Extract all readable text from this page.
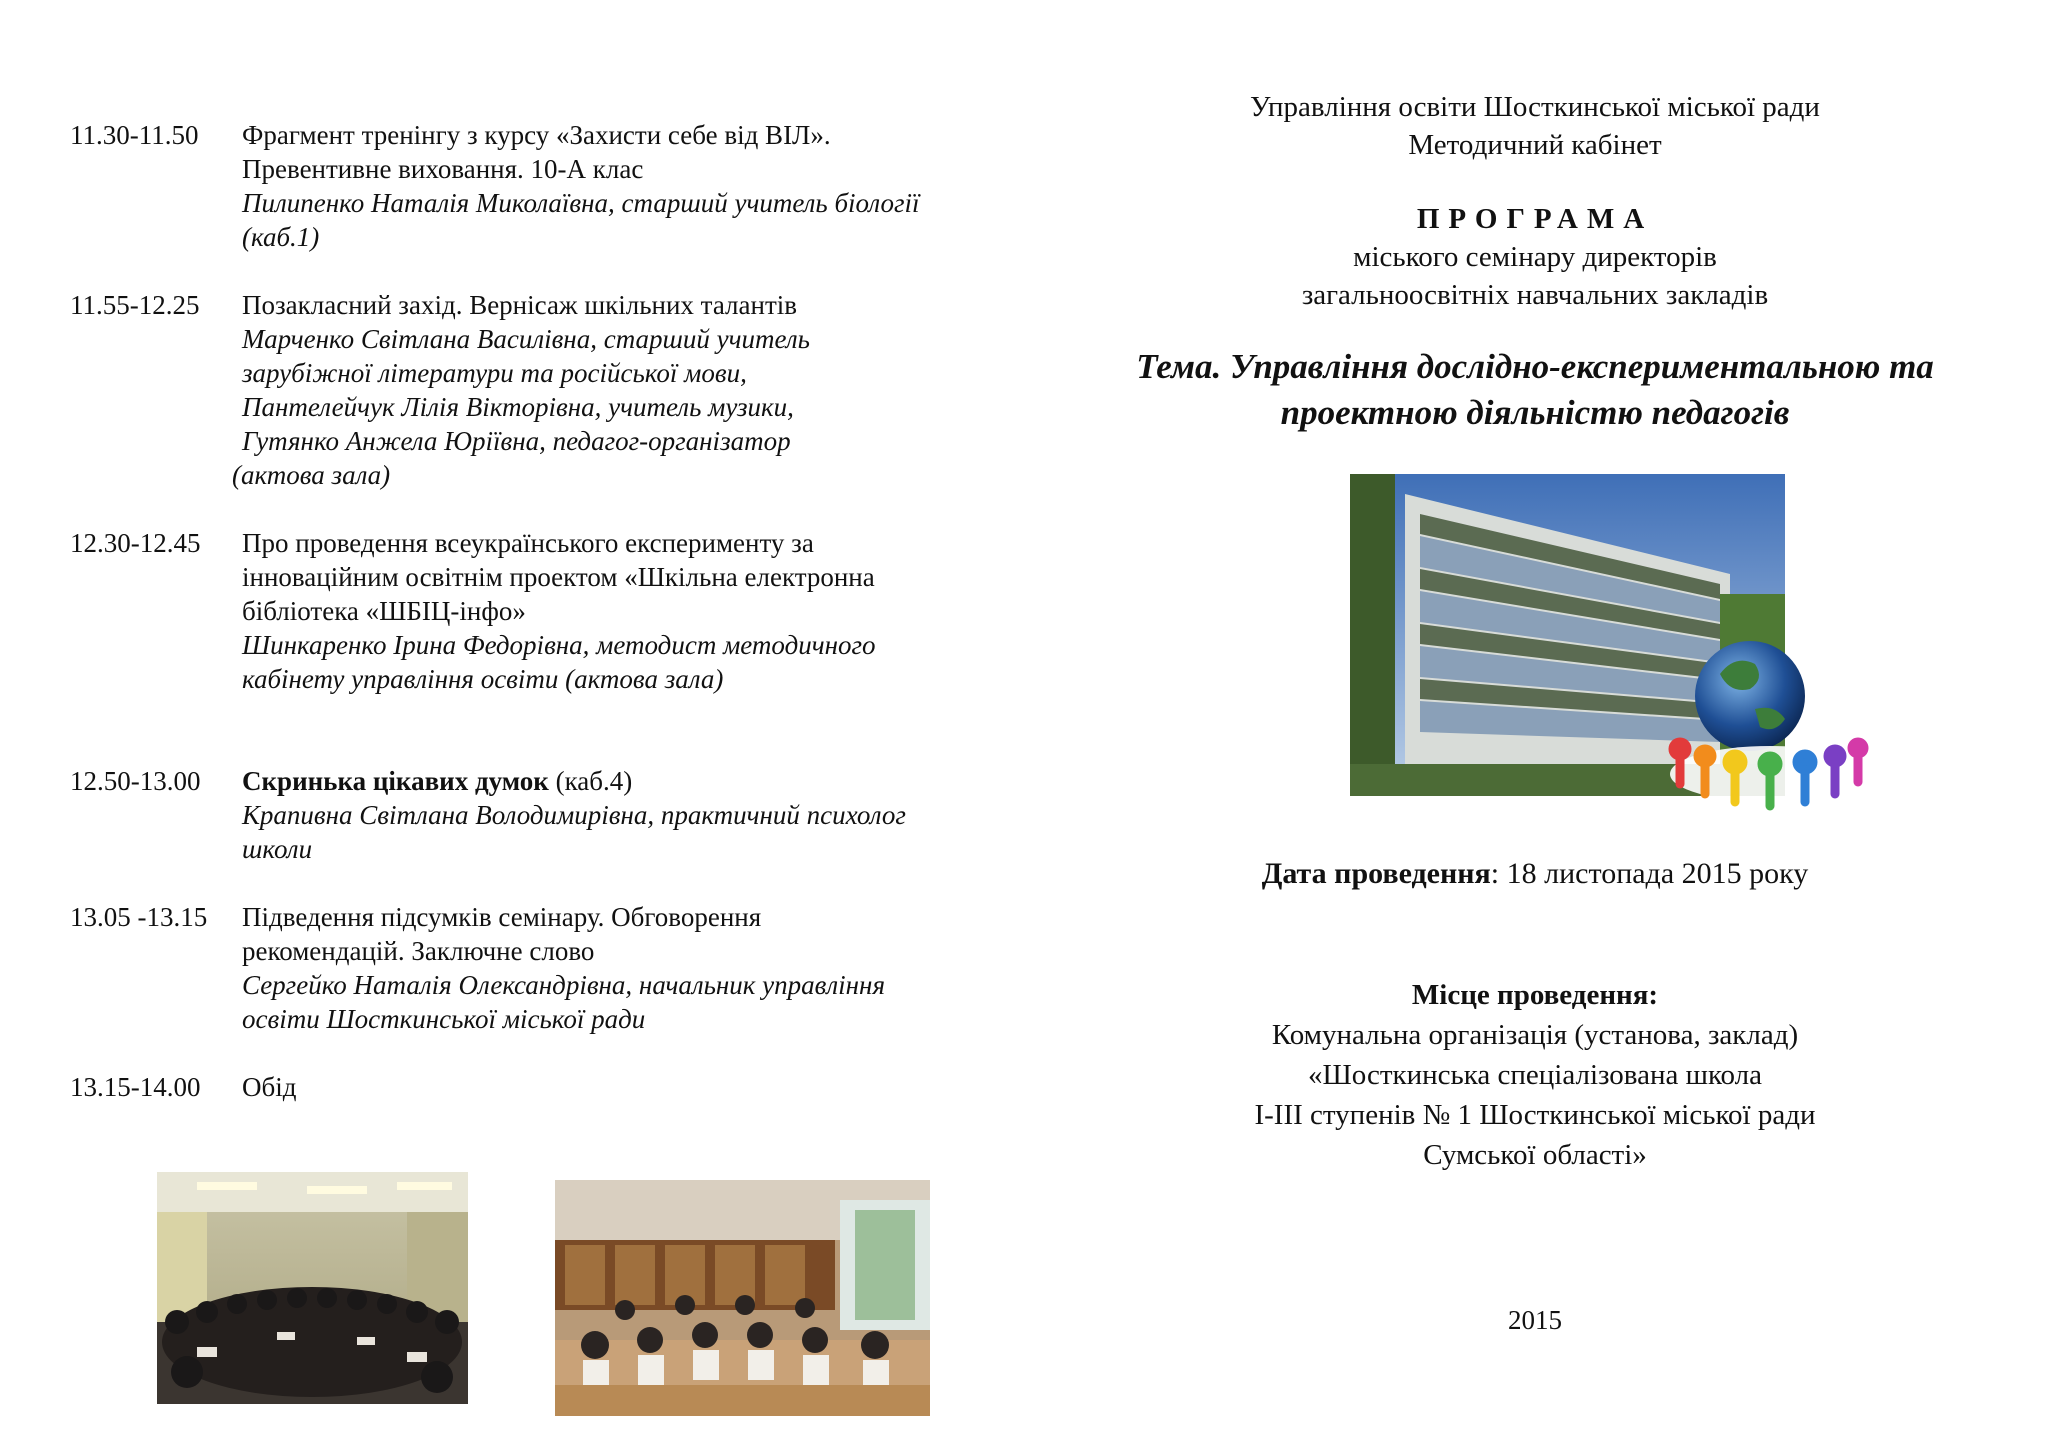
11.30-11.50	Фрагмент тренінгу з курсу «Захисти себе від ВІЛ».
Превентивне виховання. 10-А клас
Пилипенко Наталія Миколаївна, старший учитель біології
(каб.1)
11.55-12.25	Позакласний захід. Вернісаж шкільних талантів
Марченко Світлана Василівна, старший учитель
зарубіжної літератури та російської мови,
Пантелейчук Лілія Вікторівна, учитель музики,
Гутянко Анжела Юріївна, педагог-організатор
(актова зала)
12.30-12.45	Про проведення всеукраїнського експерименту за
інноваційним освітнім проектом «Шкільна електронна
бібліотека «ШБІЦ-інфо»
Шинкаренко Ірина Федорівна, методист методичного
кабінету управління освіти (актова зала)
12.50-13.00	Скринька цікавих думок (каб.4)
Крапивна Світлана Володимирівна, практичний психолог
школи
13.05 -13.15	Підведення підсумків семінару. Обговорення
рекомендацій. Заключне слово
Сергейко Наталія Олександрівна, начальник управління
освіти Шосткинської міської ради
13.15-14.00	Обід
Управління освіти Шосткинської міської ради
Методичний кабінет
ПРОГРАМА
міського семінару директорів
загальноосвітніх навчальних закладів
Тема. Управління дослідно-експериментальною та
проектною діяльністю педагогів
Дата проведення: 18 листопада 2015 року
Місце проведення:
Комунальна організація (установа, заклад)
«Шосткинська спеціалізована школа
І-ІІІ ступенів № 1 Шосткинської міської ради
Сумської області»
2015
